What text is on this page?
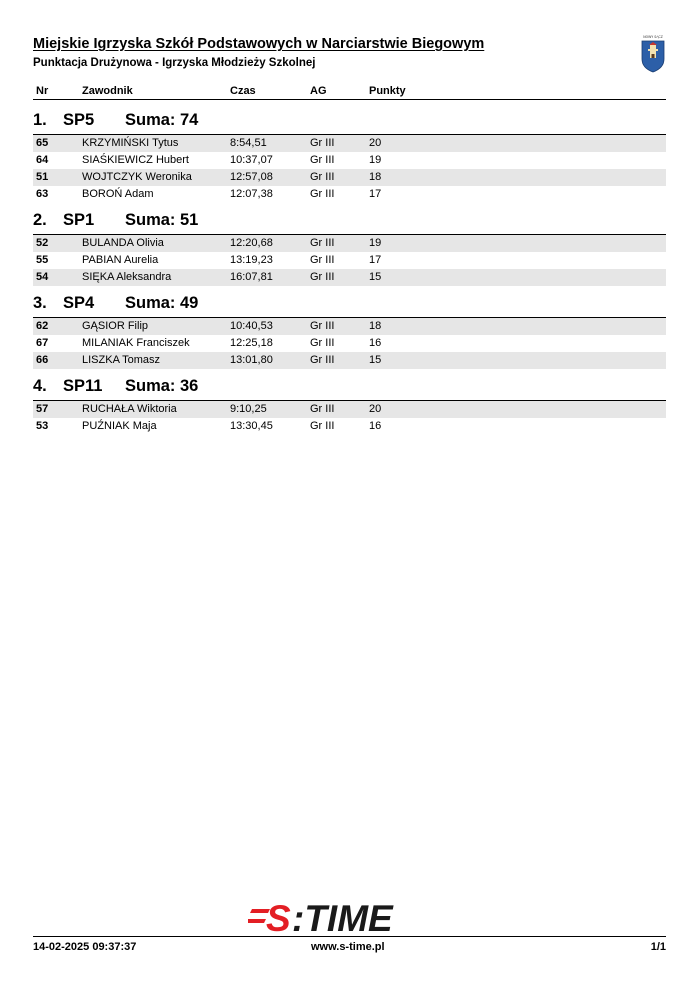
Miejskie Igrzyska Szkół Podstawowych w Narciarstwie Biegowym
Punktacja Drużynowa - Igrzyska Młodzieży Szkolnej
NOWY SĄCZ
Nr	Zawodnik	Czas	AG	Punkty
1. SP5 Suma: 74
65	KRZYMIŃSKI Tytus	8:54,51	Gr III	20
64	SIAŚKIEWICZ Hubert	10:37,07	Gr III	19
51	WOJTCZYK Weronika	12:57,08	Gr III	18
63	BOROŃ Adam	12:07,38	Gr III	17
2. SP1 Suma: 51
52	BULANDA Olivia	12:20,68	Gr III	19
55	PABIAN Aurelia	13:19,23	Gr III	17
54	SIĘKA Aleksandra	16:07,81	Gr III	15
3. SP4 Suma: 49
62	GĄSIOR Filip	10:40,53	Gr III	18
67	MILANIAK Franciszek	12:25,18	Gr III	16
66	LISZKA Tomasz	13:01,80	Gr III	15
4. SP11 Suma: 36
57	RUCHAŁA Wiktoria	9:10,25	Gr III	20
53	PUŹNIAK Maja	13:30,45	Gr III	16
S :TIME
14-02-2025 09:37:37	www.s-time.pl	1/1
